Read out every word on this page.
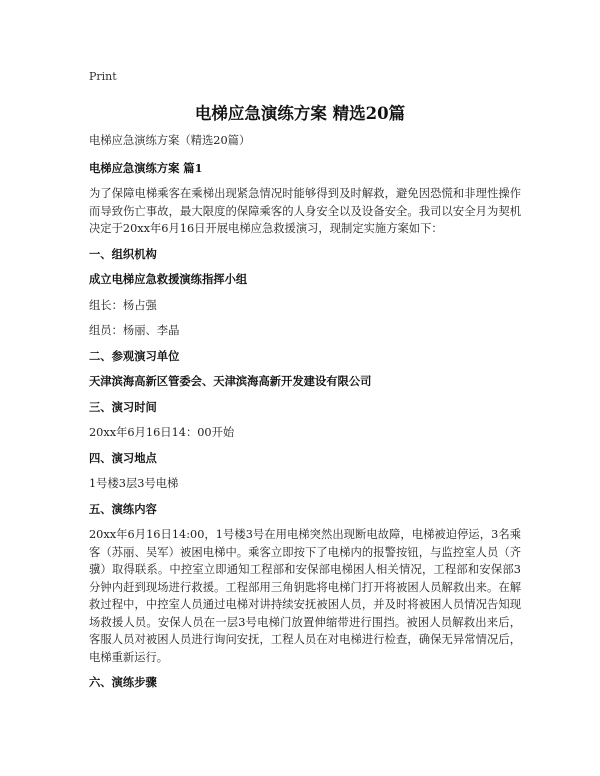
Print
电梯应急演练方案 精选20篇

电梯应急演练方案（精选20篇）

电梯应急演练方案 篇1

为了保障电梯乘客在乘梯出现紧急情况时能够得到及时解救，避免因恐慌和非理性操作而导致伤亡事故，最大限度的保障乘客的人身安全以及设备安全。我司以安全月为契机决定于20xx年6月16日开展电梯应急救援演习，现制定实施方案如下：

一、组织机构

成立电梯应急救援演练指挥小组

组长：杨占强

组员：杨丽、李晶

二、参观演习单位

天津滨海高新区管委会、天津滨海高新开发建设有限公司

三、演习时间

20xx年6月16日14：00开始

四、演习地点

1号楼3层3号电梯

五、演练内容

20xx年6月16日14:00，1号楼3号在用电梯突然出现断电故障，电梯被迫停运，3名乘客（苏丽、吴军）被困电梯中。乘客立即按下了电梯内的报警按钮，与监控室人员（齐骥）取得联系。中控室立即通知工程部和安保部电梯困人相关情况，工程部和安保部3分钟内赶到现场进行救援。工程部用三角钥匙将电梯门打开将被困人员解救出来。在解救过程中，中控室人员通过电梯对讲持续安抚被困人员，并及时将被困人员情况告知现场救援人员。安保人员在一层3号电梯门放置伸缩带进行围挡。被困人员解救出来后，客服人员对被困人员进行询问安抚，工程人员在对电梯进行检查，确保无异常情况后，电梯重新运行。

六、演练步骤
